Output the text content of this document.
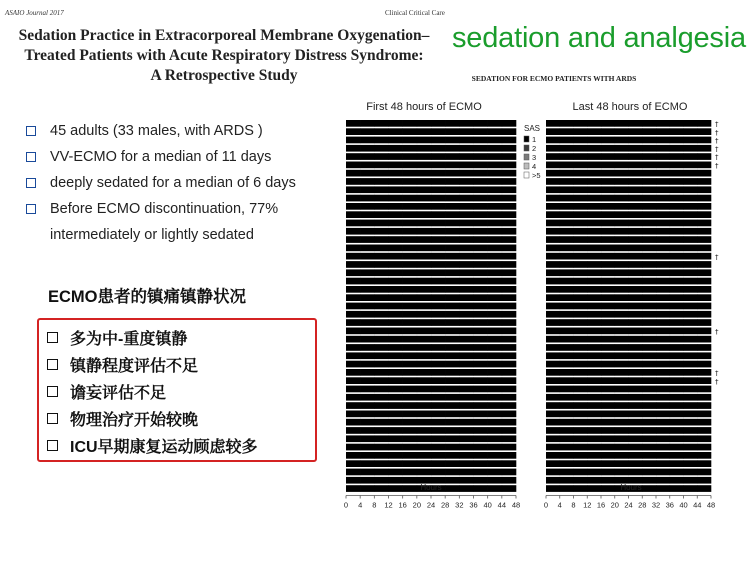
ASAIO Journal 2017	Clinical Critical Care
Sedation Practice in Extracorporeal Membrane Oxygenation–
Treated Patients with Acute Respiratory Distress Syndrome:
A Retrospective Study
sedation and analgesia
45 adults (33 males, with ARDS )
VV-ECMO for a median of 11 days
deeply sedated for a median of 6 days
Before ECMO discontinuation, 77%
intermediately or lightly sedated
ECMO患者的镇痛镇静状况
多为中-重度镇静
镇静程度评估不足
谵妄评估不足
物理治疗开始较晚
ICU早期康复运动顾虑较多
SEDATION FOR ECMO PATIENTS WITH ARDS
First 48 hours of ECMO	Last 48 hours of ECMO
SAS	†
†
†
†
†
†
†
†
†
†
1
2
3
4
>5
0 4 8 12 16 20 24 28 32 36 40 44 48	0 4 8 12 16 20 24 28 32 36 40 44 48
Hours	Hours
